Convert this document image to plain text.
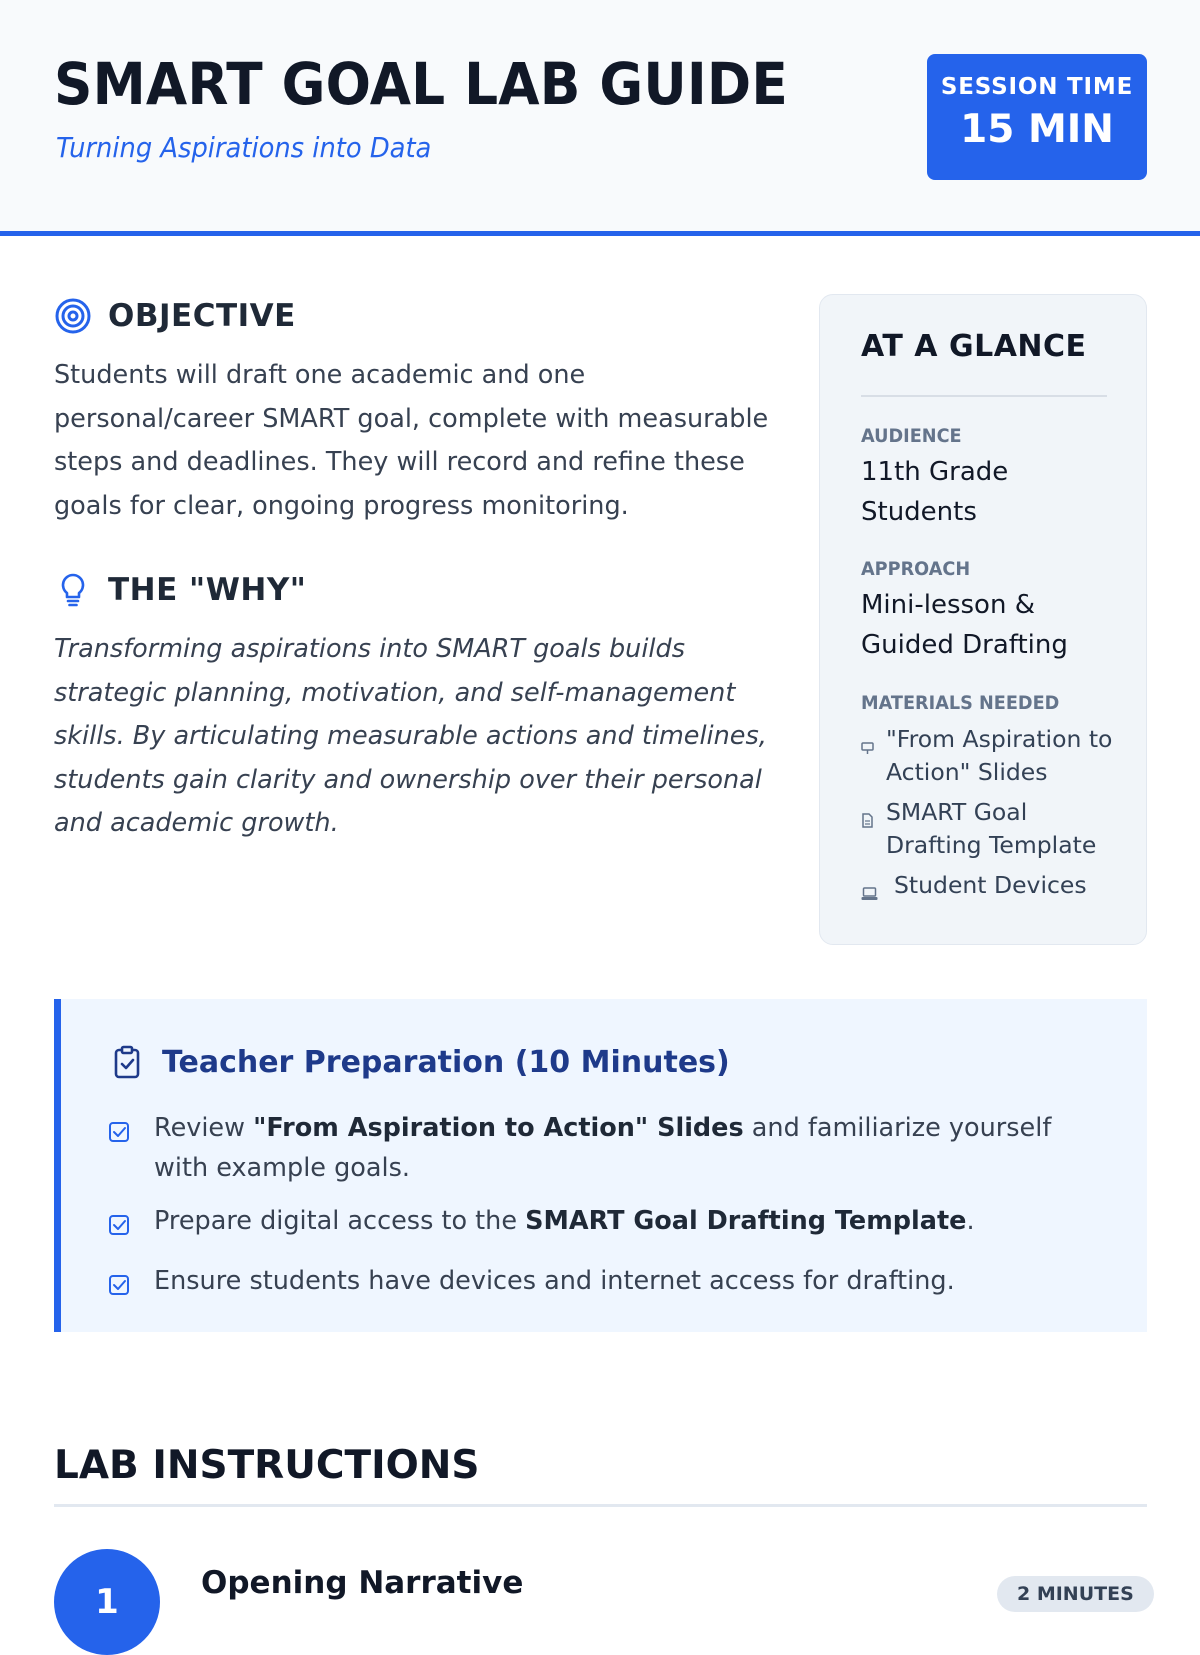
SMART GOAL LAB GUIDE

Turning Aspirations into Data

SESSION TIME
15 MIN
OBJECTIVE

Students will draft one academic and one personal/career SMART goal, complete with measurable steps and deadlines. They will record and refine these goals for clear, ongoing progress monitoring.

THE "WHY"

Transforming aspirations into SMART goals builds strategic planning, motivation, and self-management skills. By articulating measurable actions and timelines, students gain clarity and ownership over their personal and academic growth.

AT A GLANCE
AUDIENCE
11th Grade Students
APPROACH
Mini-lesson & Guided Drafting
MATERIALS NEEDED
"From Aspiration to Action" Slides
SMART Goal Drafting Template
Student Devices
Teacher Preparation (10 Minutes)
Review "From Aspiration to Action" Slides and familiarize yourself with example goals.
Prepare digital access to the SMART Goal Drafting Template.
Ensure students have devices and internet access for drafting.
LAB INSTRUCTIONS
1	Opening Narrative	2 MINUTES
